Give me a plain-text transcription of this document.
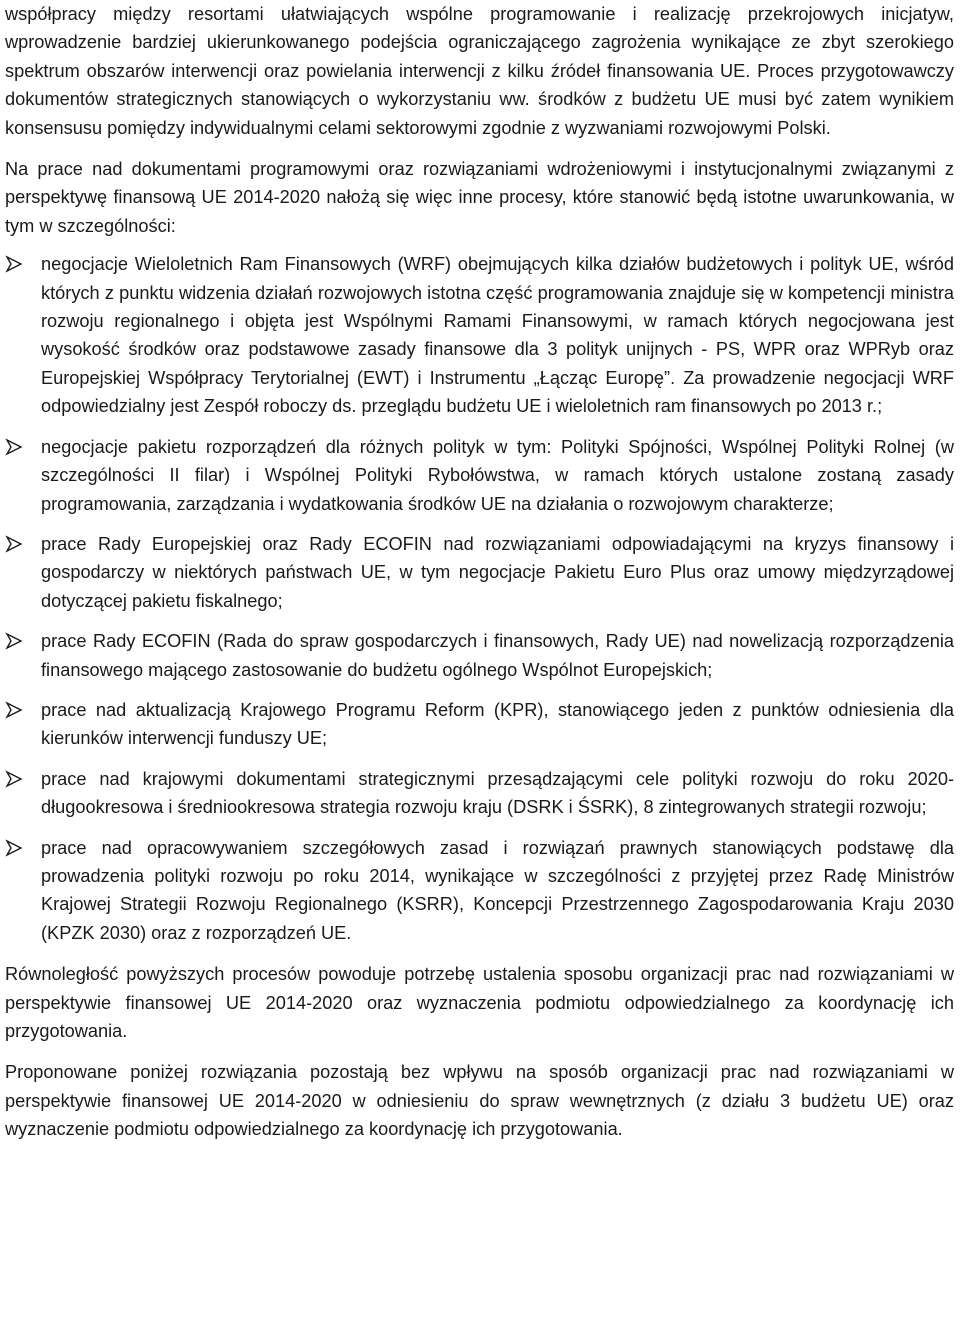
współpracy między resortami ułatwiających wspólne programowanie i realizację przekrojowych inicjatyw, wprowadzenie bardziej ukierunkowanego podejścia ograniczającego zagrożenia wynikające ze zbyt szerokiego spektrum obszarów interwencji oraz powielania interwencji z kilku źródeł finansowania UE. Proces przygotowawczy dokumentów strategicznych stanowiących o wykorzystaniu ww. środków z budżetu UE musi być zatem wynikiem konsensusu pomiędzy indywidualnymi celami sektorowymi zgodnie z wyzwaniami rozwojowymi Polski.

Na prace nad dokumentami programowymi oraz rozwiązaniami wdrożeniowymi i instytucjonalnymi związanymi z perspektywę finansową UE 2014-2020 nałożą się więc inne procesy, które stanowić będą istotne uwarunkowania, w tym w szczególności:

negocjacje Wieloletnich Ram Finansowych (WRF) obejmujących kilka działów budżetowych i polityk UE, wśród których z punktu widzenia działań rozwojowych istotna część programowania znajduje się w kompetencji ministra rozwoju regionalnego i objęta jest Wspólnymi Ramami Finansowymi, w ramach których negocjowana jest wysokość środków oraz podstawowe zasady finansowe dla 3 polityk unijnych - PS, WPR oraz WPRyb oraz Europejskiej Współpracy Terytorialnej (EWT) i Instrumentu „Łącząc Europę”. Za prowadzenie negocjacji WRF odpowiedzialny jest Zespół roboczy ds. przeglądu budżetu UE i wieloletnich ram finansowych po 2013 r.;
negocjacje pakietu rozporządzeń dla różnych polityk w tym: Polityki Spójności, Wspólnej Polityki Rolnej (w szczególności II filar) i Wspólnej Polityki Rybołówstwa, w ramach których ustalone zostaną zasady programowania, zarządzania i wydatkowania środków UE na działania o rozwojowym charakterze;
prace Rady Europejskiej oraz Rady ECOFIN nad rozwiązaniami odpowiadającymi na kryzys finansowy i gospodarczy w niektórych państwach UE, w tym negocjacje Pakietu Euro Plus oraz umowy międzyrządowej dotyczącej pakietu fiskalnego;
prace Rady ECOFIN (Rada do spraw gospodarczych i finansowych, Rady UE) nad nowelizacją rozporządzenia finansowego mającego zastosowanie do budżetu ogólnego Wspólnot Europejskich;
prace nad aktualizacją Krajowego Programu Reform (KPR), stanowiącego jeden z punktów odniesienia dla kierunków interwencji funduszy UE;
prace nad krajowymi dokumentami strategicznymi przesądzającymi cele polityki rozwoju do roku 2020- długookresowa i średniookresowa strategia rozwoju kraju (DSRK i ŚSRK), 8 zintegrowanych strategii rozwoju;
prace nad opracowywaniem szczegółowych zasad i rozwiązań prawnych stanowiących podstawę dla prowadzenia polityki rozwoju po roku 2014, wynikające w szczególności z przyjętej przez Radę Ministrów Krajowej Strategii Rozwoju Regionalnego (KSRR), Koncepcji Przestrzennego Zagospodarowania Kraju 2030 (KPZK 2030) oraz z rozporządzeń UE.

Równoległość powyższych procesów powoduje potrzebę ustalenia sposobu organizacji prac nad rozwiązaniami w perspektywie finansowej UE 2014-2020 oraz wyznaczenia podmiotu odpowiedzialnego za koordynację ich przygotowania.

Proponowane poniżej rozwiązania pozostają bez wpływu na sposób organizacji prac nad rozwiązaniami w perspektywie finansowej UE 2014-2020 w odniesieniu do spraw wewnętrznych (z działu 3 budżetu UE) oraz wyznaczenie podmiotu odpowiedzialnego za koordynację ich przygotowania.
